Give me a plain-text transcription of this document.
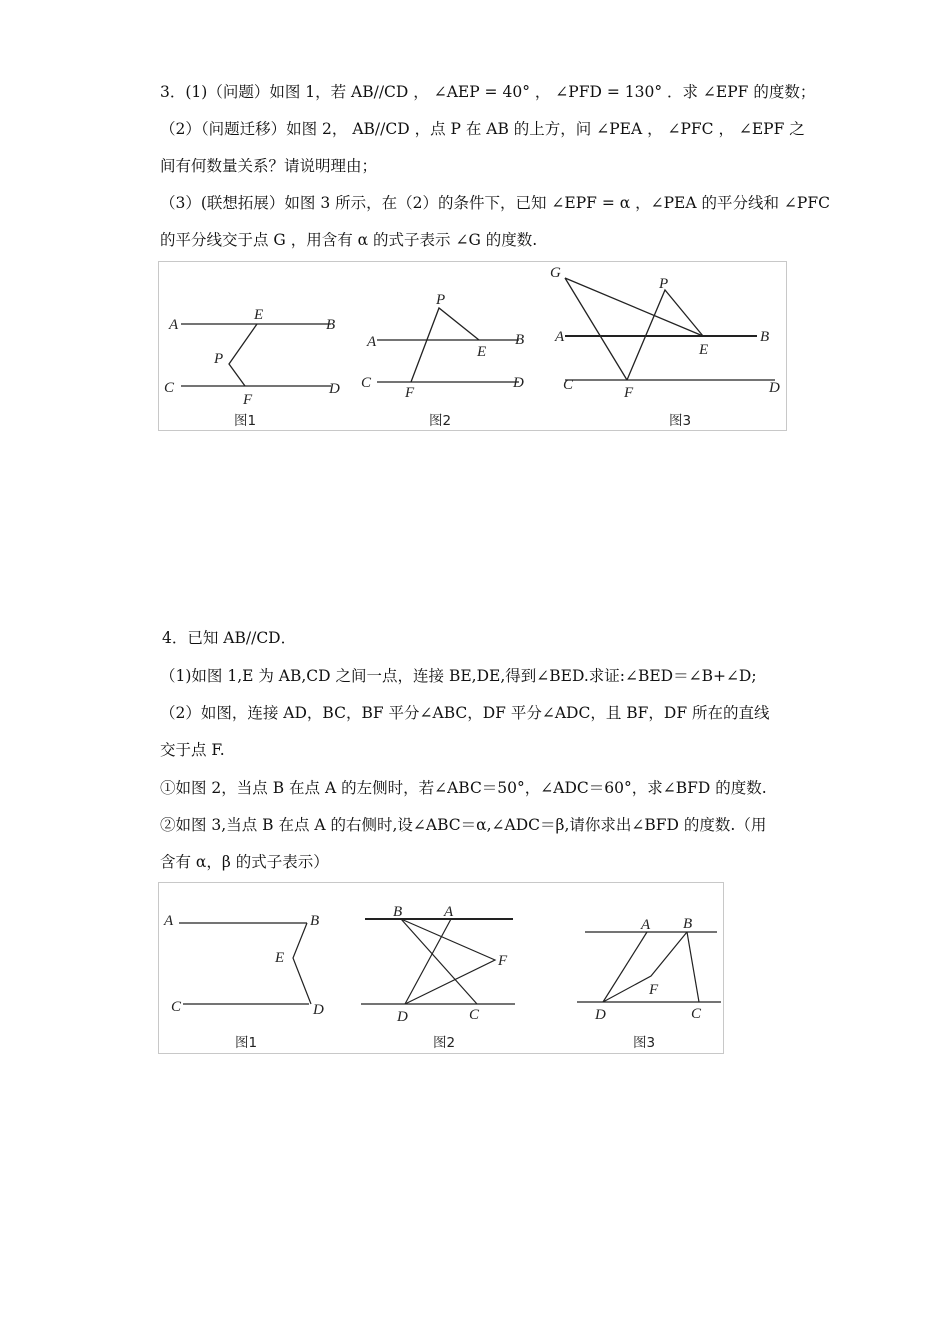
3．(1)（问题）如图 1，若 AB//CD ， ∠AEP = 40° ， ∠PFD = 130° ．求 ∠EPF 的度数；
（2）（问题迁移）如图 2， AB//CD ，点 P 在 AB 的上方，问 ∠PEA ， ∠PFC ， ∠EPF 之
间有何数量关系？请说明理由；
（3）(联想拓展）如图 3 所示，在（2）的条件下，已知 ∠EPF = α ，∠PEA 的平分线和 ∠PFC
的平分线交于点 G ，用含有 α 的式子表示 ∠G 的度数.
A	B
C	D
E
F
P
图1
A	B
C	D
E
F
P
图2
A	B
C	D
E
F
P
G
图3
4．已知 AB//CD．
（1)如图 1,E 为 AB,CD 之间一点，连接 BE,DE,得到∠BED.求证:∠BED＝∠B+∠D;
（2）如图，连接 AD，BC，BF 平分∠ABC，DF 平分∠ADC，且 BF，DF 所在的直线
交于点 F.
①如图 2，当点 B 在点 A 的左侧时，若∠ABC＝50°，∠ADC＝60°，求∠BFD 的度数.
②如图 3,当点 B 在点 A 的右侧时,设∠ABC＝α,∠ADC＝β,请你求出∠BFD 的度数.（用
含有 α，β 的式子表示）
A	B
C	D
E
图1
B	A
F
D	C
图2
A B
F
D	C
图3
